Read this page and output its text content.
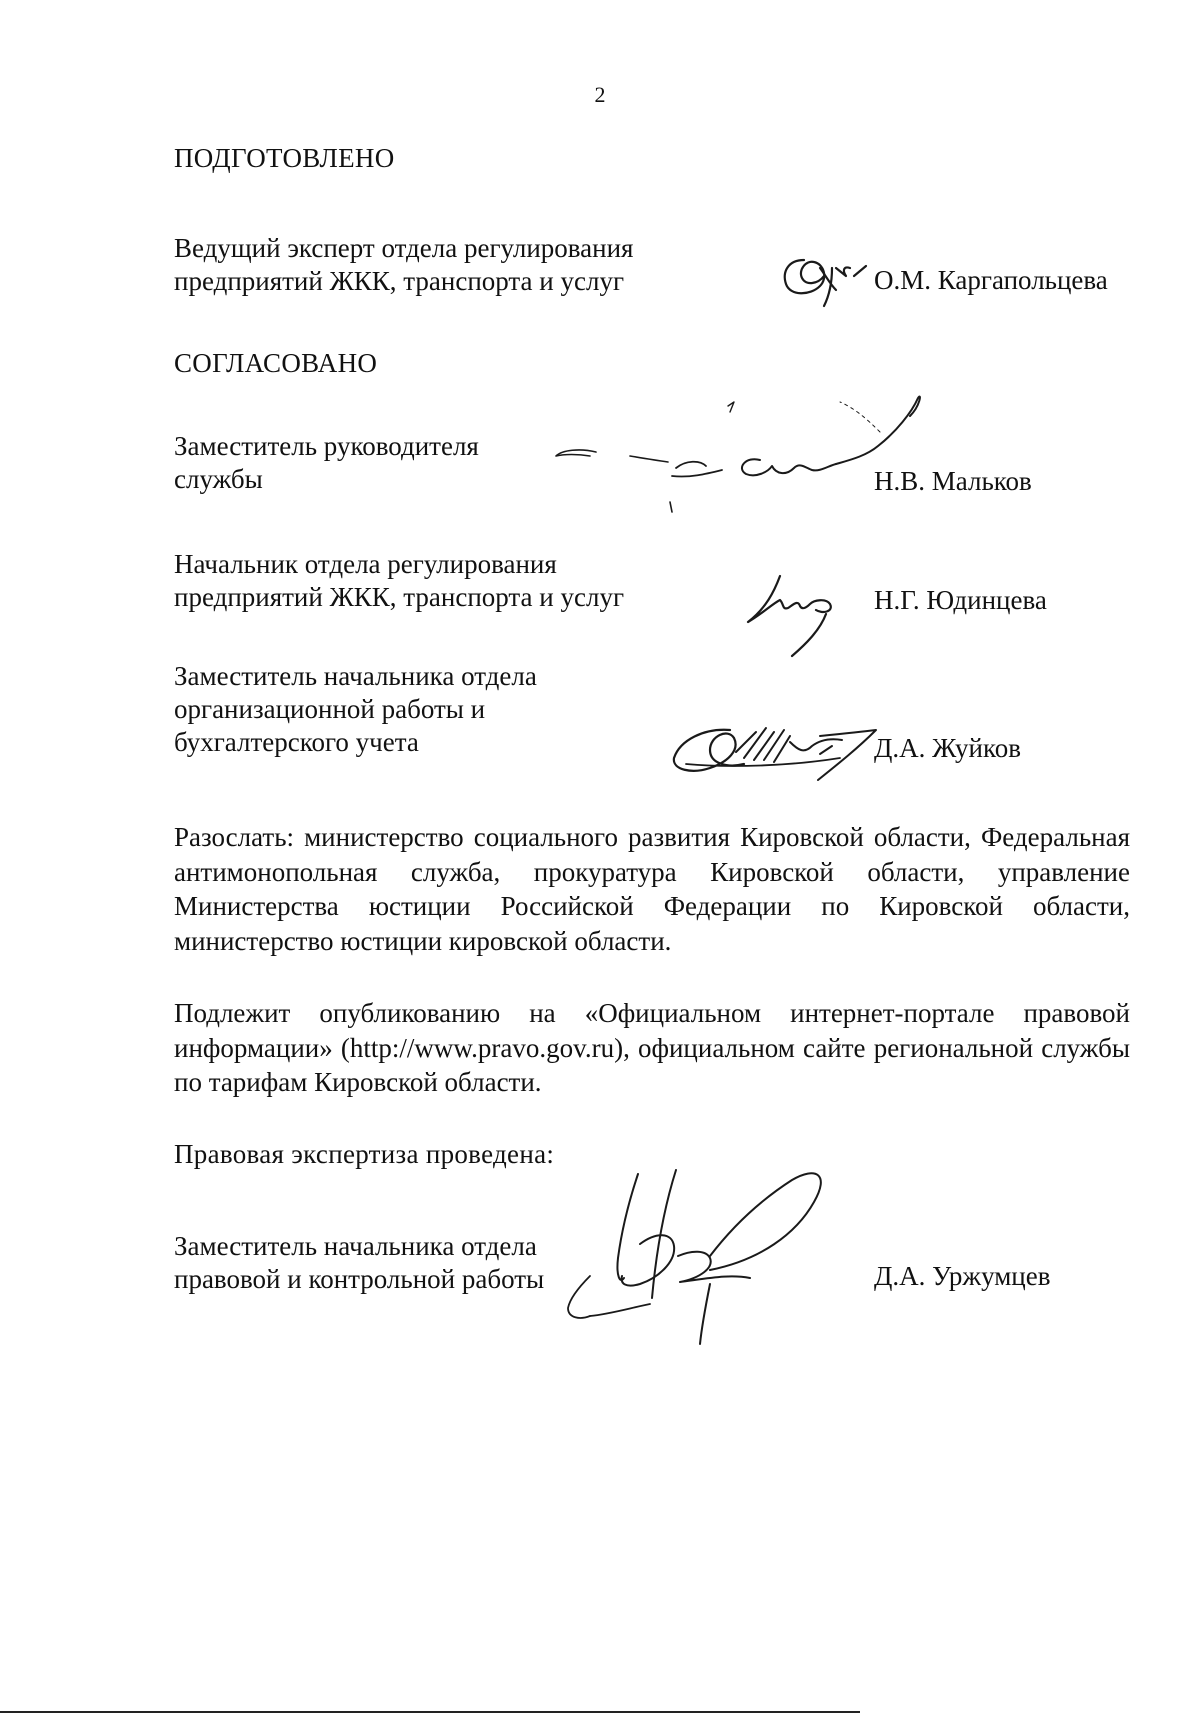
2
ПОДГОТОВЛЕНО
Ведущий эксперт отдела регулирования
предприятий ЖКК, транспорта и услуг	О.М. Каргапольцева
СОГЛАСОВАНО
Заместитель руководителя
службы	Н.В. Мальков
Начальник отдела регулирования
предприятий ЖКК, транспорта и услуг	Н.Г. Юдинцева
Заместитель начальника отдела
организационной работы и
бухгалтерского учета	Д.А. Жуйков

Разослать: министерство социального развития Кировской области, Федеральная антимонопольная служба, прокуратура Кировской области, управление Министерства юстиции Российской Федерации по Кировской области, министерство юстиции кировской области.

Подлежит опубликованию на «Официальном интернет-портале правовой информации» (http://www.pravo.gov.ru), официальном сайте региональной службы по тарифам Кировской области.

Правовая экспертиза проведена:
Заместитель начальника отдела
правовой и контрольной работы	Д.А. Уржумцев
